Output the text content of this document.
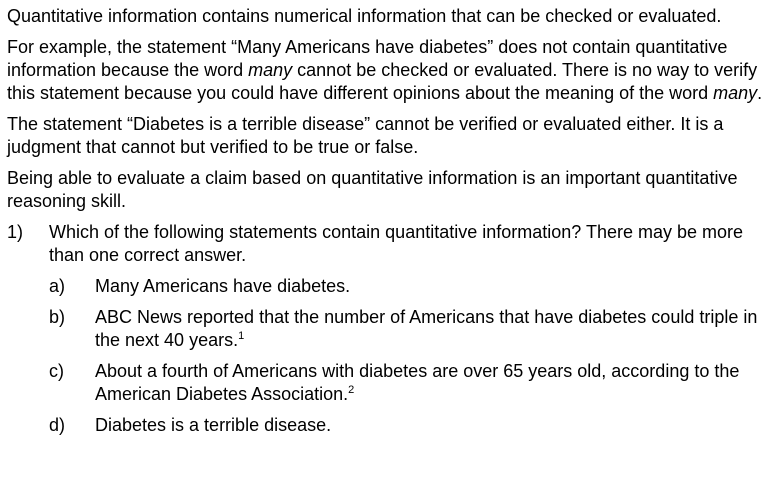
Quantitative information contains numerical information that can be checked or evaluated.

For example, the statement “Many Americans have diabetes” does not contain quantitative information because the word many cannot be checked or evaluated. There is no way to verify this statement because you could have different opinions about the meaning of the word many.

The statement “Diabetes is a terrible disease” cannot be verified or evaluated either. It is a judgment that cannot but verified to be true or false.

Being able to evaluate a claim based on quantitative information is an important quantitative reasoning skill.

1)	Which of the following statements contain quantitative information? There may be more than one correct answer.
a)	Many Americans have diabetes.
b)	ABC News reported that the number of Americans that have diabetes could triple in the next 40 years.$^1$
c)	About a fourth of Americans with diabetes are over 65 years old, according to the American Diabetes Association.$^2$
d)	Diabetes is a terrible disease.
